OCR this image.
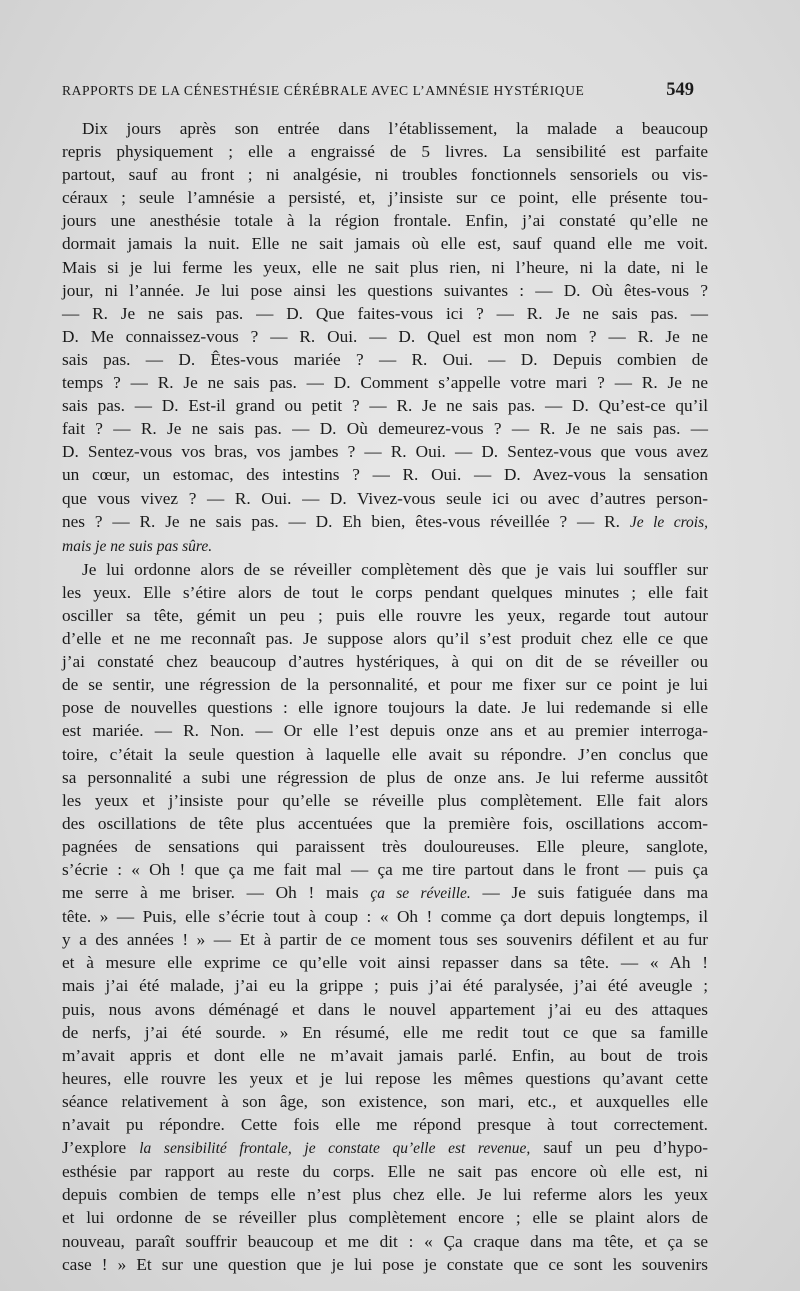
RAPPORTS DE LA CÉNESTHÉSIE CÉRÉBRALE AVEC L’AMNÉSIE HYSTÉRIQUE	549
Dix jours après son entrée dans l’établissement, la malade a beaucoup
repris physiquement ; elle a engraissé de 5 livres. La sensibilité est parfaite
partout, sauf au front ; ni analgésie, ni troubles fonctionnels sensoriels ou vis-
céraux ; seule l’amnésie a persisté, et, j’insiste sur ce point, elle présente tou-
jours une anesthésie totale à la région frontale. Enfin, j’ai constaté qu’elle ne
dormait jamais la nuit. Elle ne sait jamais où elle est, sauf quand elle me voit.
Mais si je lui ferme les yeux, elle ne sait plus rien, ni l’heure, ni la date, ni le
jour, ni l’année. Je lui pose ainsi les questions suivantes : — D. Où êtes-vous ?
— R. Je ne sais pas. — D. Que faites-vous ici ? — R. Je ne sais pas. —
D. Me connaissez-vous ? — R. Oui. — D. Quel est mon nom ? — R. Je ne
sais pas. — D. Êtes-vous mariée ? — R. Oui. — D. Depuis combien de
temps ? — R. Je ne sais pas. — D. Comment s’appelle votre mari ? — R. Je ne
sais pas. — D. Est-il grand ou petit ? — R. Je ne sais pas. — D. Qu’est-ce qu’il
fait ? — R. Je ne sais pas. — D. Où demeurez-vous ? — R. Je ne sais pas. —
D. Sentez-vous vos bras, vos jambes ? — R. Oui. — D. Sentez-vous que vous avez
un cœur, un estomac, des intestins ? — R. Oui. — D. Avez-vous la sensation
que vous vivez ? — R. Oui. — D. Vivez-vous seule ici ou avec d’autres person-
nes ? — R. Je ne sais pas. — D. Eh bien, êtes-vous réveillée ? — R. Je le crois,
mais je ne suis pas sûre.
Je lui ordonne alors de se réveiller complètement dès que je vais lui souffler sur
les yeux. Elle s’étire alors de tout le corps pendant quelques minutes ; elle fait
osciller sa tête, gémit un peu ; puis elle rouvre les yeux, regarde tout autour
d’elle et ne me reconnaît pas. Je suppose alors qu’il s’est produit chez elle ce que
j’ai constaté chez beaucoup d’autres hystériques, à qui on dit de se réveiller ou
de se sentir, une régression de la personnalité, et pour me fixer sur ce point je lui
pose de nouvelles questions : elle ignore toujours la date. Je lui redemande si elle
est mariée. — R. Non. — Or elle l’est depuis onze ans et au premier interroga-
toire, c’était la seule question à laquelle elle avait su répondre. J’en conclus que
sa personnalité a subi une régression de plus de onze ans. Je lui referme aussitôt
les yeux et j’insiste pour qu’elle se réveille plus complètement. Elle fait alors
des oscillations de tête plus accentuées que la première fois, oscillations accom-
pagnées de sensations qui paraissent très douloureuses. Elle pleure, sanglote,
s’écrie : « Oh ! que ça me fait mal — ça me tire partout dans le front — puis ça
me serre à me briser. — Oh ! mais ça se réveille. — Je suis fatiguée dans ma
tête. » — Puis, elle s’écrie tout à coup : « Oh ! comme ça dort depuis longtemps, il
y a des années ! » — Et à partir de ce moment tous ses souvenirs défilent et au fur
et à mesure elle exprime ce qu’elle voit ainsi repasser dans sa tête. — « Ah !
mais j’ai été malade, j’ai eu la grippe ; puis j’ai été paralysée, j’ai été aveugle ;
puis, nous avons déménagé et dans le nouvel appartement j’ai eu des attaques
de nerfs, j’ai été sourde. » En résumé, elle me redit tout ce que sa famille
m’avait appris et dont elle ne m’avait jamais parlé. Enfin, au bout de trois
heures, elle rouvre les yeux et je lui repose les mêmes questions qu’avant cette
séance relativement à son âge, son existence, son mari, etc., et auxquelles elle
n’avait pu répondre. Cette fois elle me répond presque à tout correctement.
J’explore la sensibilité frontale, je constate qu’elle est revenue, sauf un peu d’hypo-
esthésie par rapport au reste du corps. Elle ne sait pas encore où elle est, ni
depuis combien de temps elle n’est plus chez elle. Je lui referme alors les yeux
et lui ordonne de se réveiller plus complètement encore ; elle se plaint alors de
nouveau, paraît souffrir beaucoup et me dit : « Ça craque dans ma tête, et ça se
case ! » Et sur une question que je lui pose je constate que ce sont les souvenirs
